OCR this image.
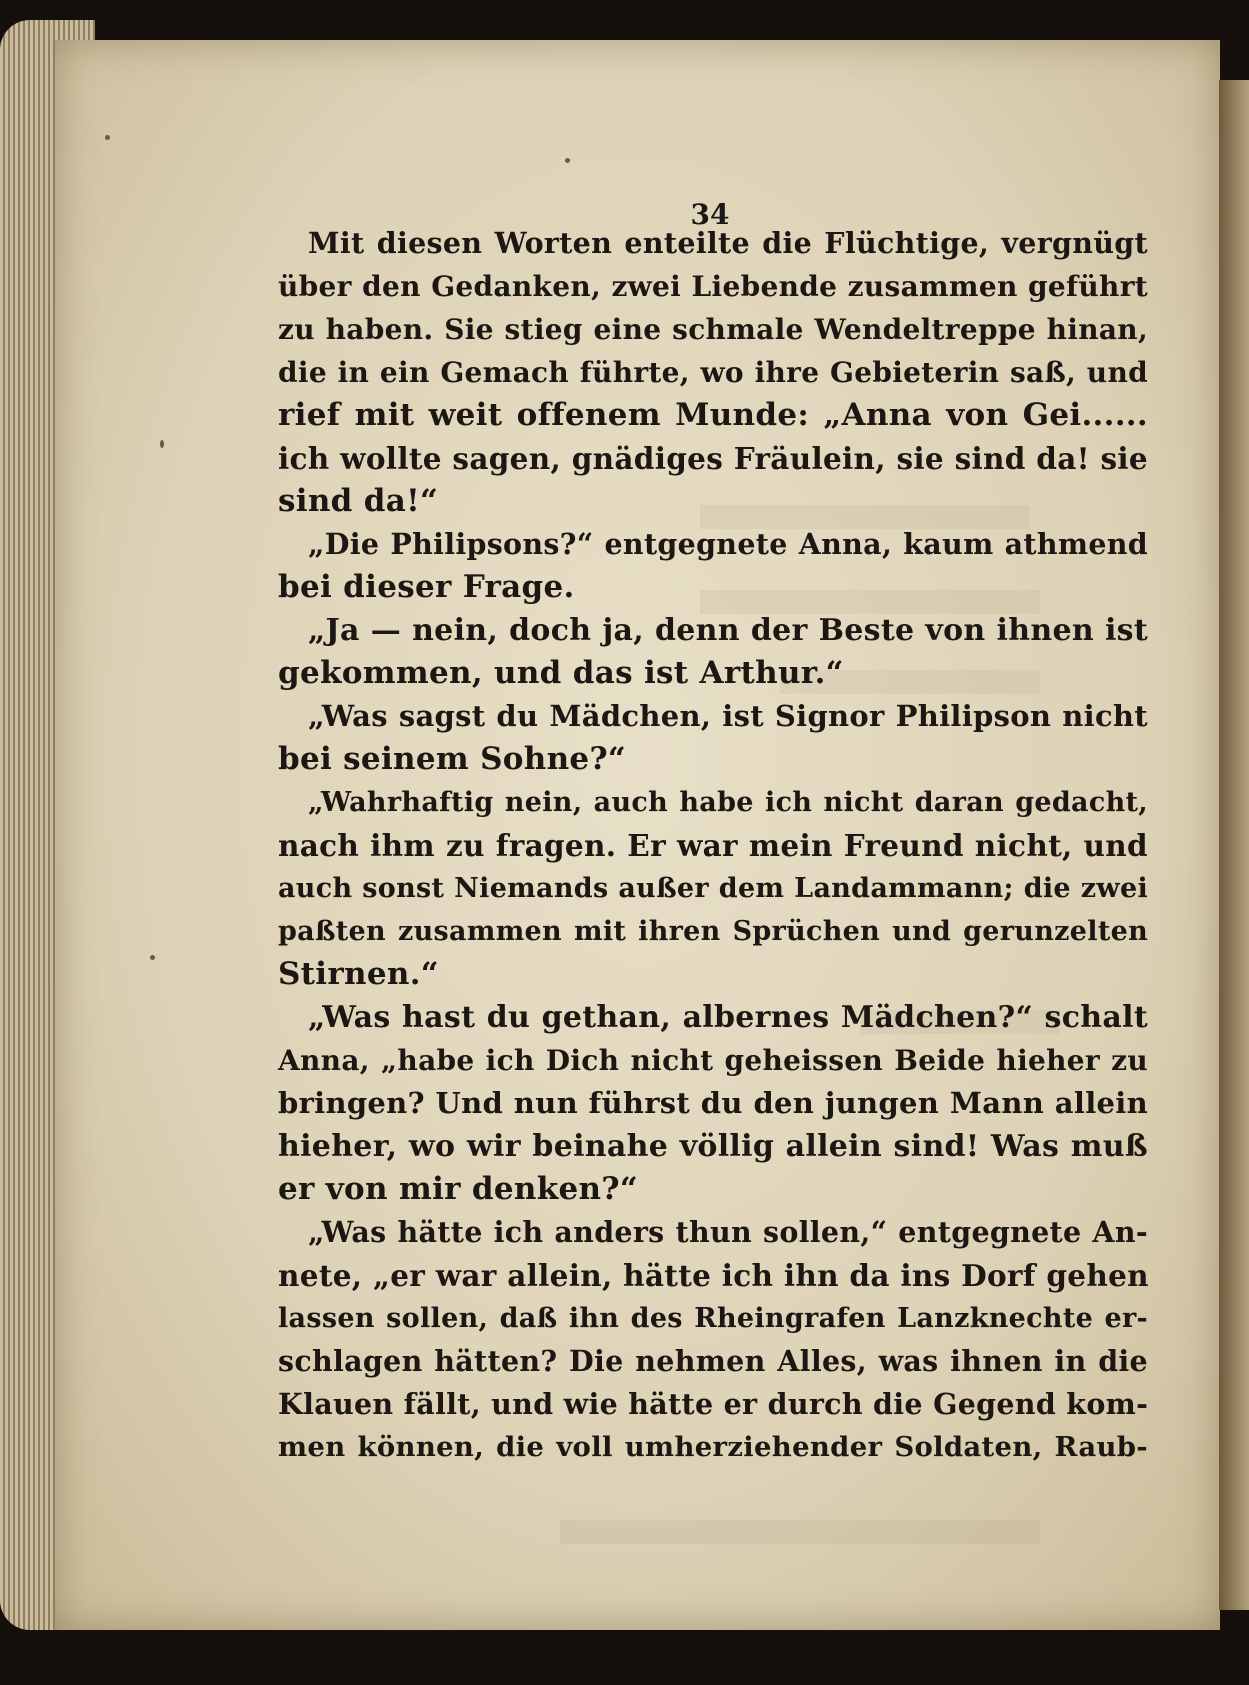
34
Mit diesen Worten enteilte die Flüchtige, vergnügt
über den Gedanken, zwei Liebende zusammen geführt
zu haben. Sie stieg eine schmale Wendeltreppe hinan,
die in ein Gemach führte, wo ihre Gebieterin saß, und
rief mit weit offenem Munde: „Anna von Gei......
ich wollte sagen, gnädiges Fräulein, sie sind da! sie
sind da!“
„Die Philipsons?“ entgegnete Anna, kaum athmend
bei dieser Frage.
„Ja — nein, doch ja, denn der Beste von ihnen ist
gekommen, und das ist Arthur.“
„Was sagst du Mädchen, ist Signor Philipson nicht
bei seinem Sohne?“
„Wahrhaftig nein, auch habe ich nicht daran gedacht,
nach ihm zu fragen. Er war mein Freund nicht, und
auch sonst Niemands außer dem Landammann; die zwei
paßten zusammen mit ihren Sprüchen und gerunzelten
Stirnen.“
„Was hast du gethan, albernes Mädchen?“ schalt
Anna, „habe ich Dich nicht geheissen Beide hieher zu
bringen? Und nun führst du den jungen Mann allein
hieher, wo wir beinahe völlig allein sind! Was muß
er von mir denken?“
„Was hätte ich anders thun sollen,“ entgegnete An-
nete, „er war allein, hätte ich ihn da ins Dorf gehen
lassen sollen, daß ihn des Rheingrafen Lanzknechte er-
schlagen hätten? Die nehmen Alles, was ihnen in die
Klauen fällt, und wie hätte er durch die Gegend kom-
men können, die voll umherziehender Soldaten, Raub-
